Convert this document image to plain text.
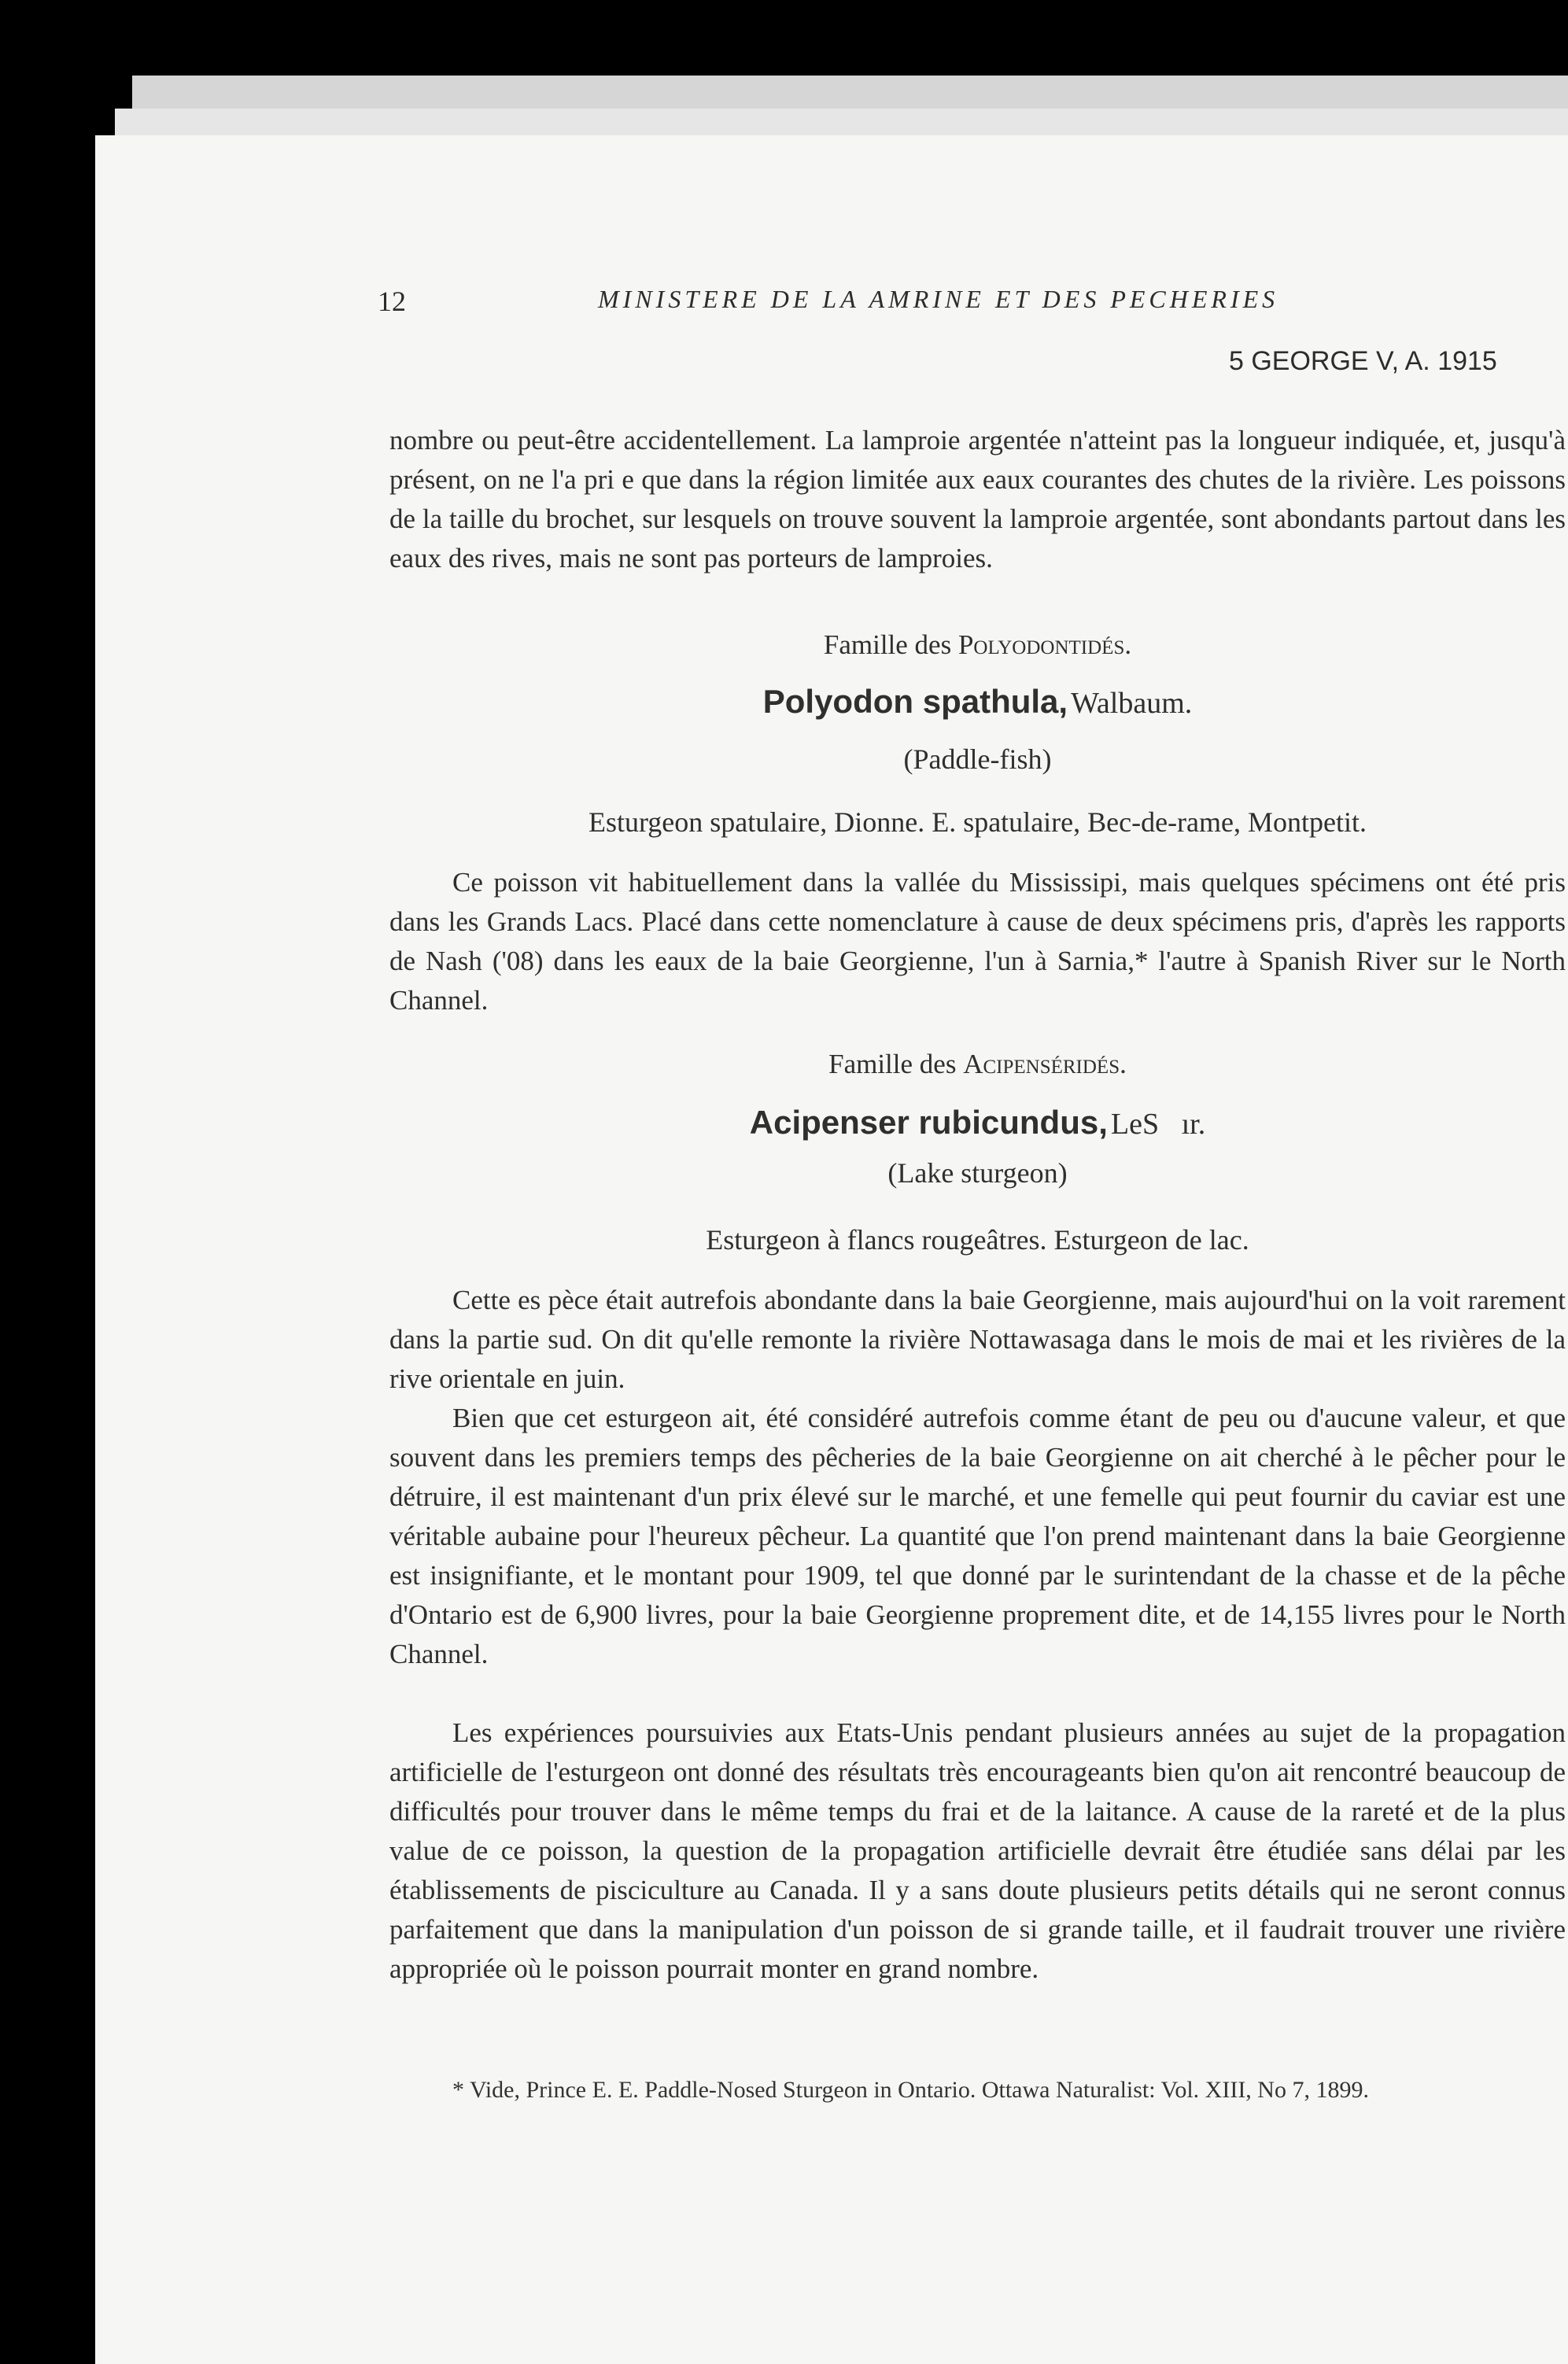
12	MINISTERE DE LA AMRINE ET DES PECHERIES
5 GEORGE V, A. 1915
nombre ou peut-être accidentellement. La lamproie argentée n'atteint pas la longueur indiquée, et, jusqu'à présent, on ne l'a pri e que dans la région limitée aux eaux courantes des chutes de la rivière. Les poissons de la taille du brochet, sur lesquels on trouve souvent la lamproie argentée, sont abondants partout dans les eaux des rives, mais ne sont pas porteurs de lamproies.
Famille des Polyodontidés.
Polyodon spathula, Walbaum.
(Paddle-fish)
Esturgeon spatulaire, Dionne. E. spatulaire, Bec-de-rame, Montpetit.
Ce poisson vit habituellement dans la vallée du Mississipi, mais quelques spécimens ont été pris dans les Grands Lacs. Placé dans cette nomenclature à cause de deux spécimens pris, d'après les rapports de Nash ('08) dans les eaux de la baie Georgienne, l'un à Sarnia,* l'autre à Spanish River sur le North Channel.
Famille des Acipenséridés.
Acipenser rubicundus, LeS  ır.
(Lake sturgeon)
Esturgeon à flancs rougeâtres. Esturgeon de lac.
Cette es pèce était autrefois abondante dans la baie Georgienne, mais aujourd'hui on la voit rarement dans la partie sud. On dit qu'elle remonte la rivière Nottawasaga dans le mois de mai et les rivières de la rive orientale en juin.
Bien que cet esturgeon ait, été considéré autrefois comme étant de peu ou d'aucune valeur, et que souvent dans les premiers temps des pêcheries de la baie Georgienne on ait cherché à le pêcher pour le détruire, il est maintenant d'un prix élevé sur le marché, et une femelle qui peut fournir du caviar est une véritable aubaine pour l'heureux pêcheur. La quantité que l'on prend maintenant dans la baie Georgienne est insignifiante, et le montant pour 1909, tel que donné par le surintendant de la chasse et de la pêche d'Ontario est de 6,900 livres, pour la baie Georgienne proprement dite, et de 14,155 livres pour le North Channel.
Les expériences poursuivies aux Etats-Unis pendant plusieurs années au sujet de la propagation artificielle de l'esturgeon ont donné des résultats très encourageants bien qu'on ait rencontré beaucoup de difficultés pour trouver dans le même temps du frai et de la laitance. A cause de la rareté et de la plus value de ce poisson, la question de la propagation artificielle devrait être étudiée sans délai par les établissements de pisciculture au Canada. Il y a sans doute plusieurs petits détails qui ne seront connus parfaitement que dans la manipulation d'un poisson de si grande taille, et il faudrait trouver une rivière appropriée où le poisson pourrait monter en grand nombre.
* Vide, Prince E. E. Paddle-Nosed Sturgeon in Ontario. Ottawa Naturalist: Vol. XIII, No 7, 1899.
